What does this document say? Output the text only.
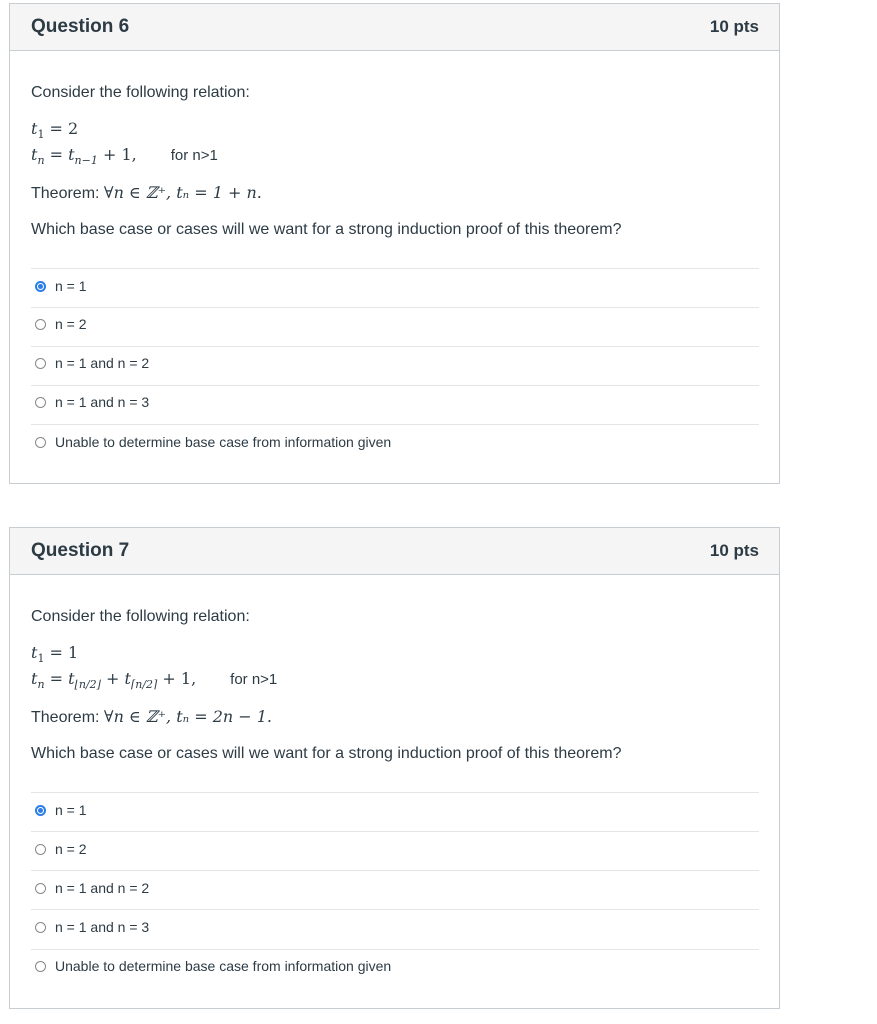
Question 6	10 pts
Consider the following relation:
$t_1 = 2$
$t_n = t_{n-1} + 1$, for n>1
Theorem: ∀n ∈ ℤ⁺, tₙ = 1 + n.
Which base case or cases will we want for a strong induction proof of this theorem?
n = 1
n = 2
n = 1 and n = 2
n = 1 and n = 3
Unable to determine base case from information given
Question 7	10 pts
Consider the following relation:
$t_1 = 1$
$t_n = t_{⌊n/2⌋} + t_{⌈n/2⌉} + 1$, for n>1
Theorem: ∀n ∈ ℤ⁺, tₙ = 2n − 1.
Which base case or cases will we want for a strong induction proof of this theorem?
n = 1
n = 2
n = 1 and n = 2
n = 1 and n = 3
Unable to determine base case from information given
